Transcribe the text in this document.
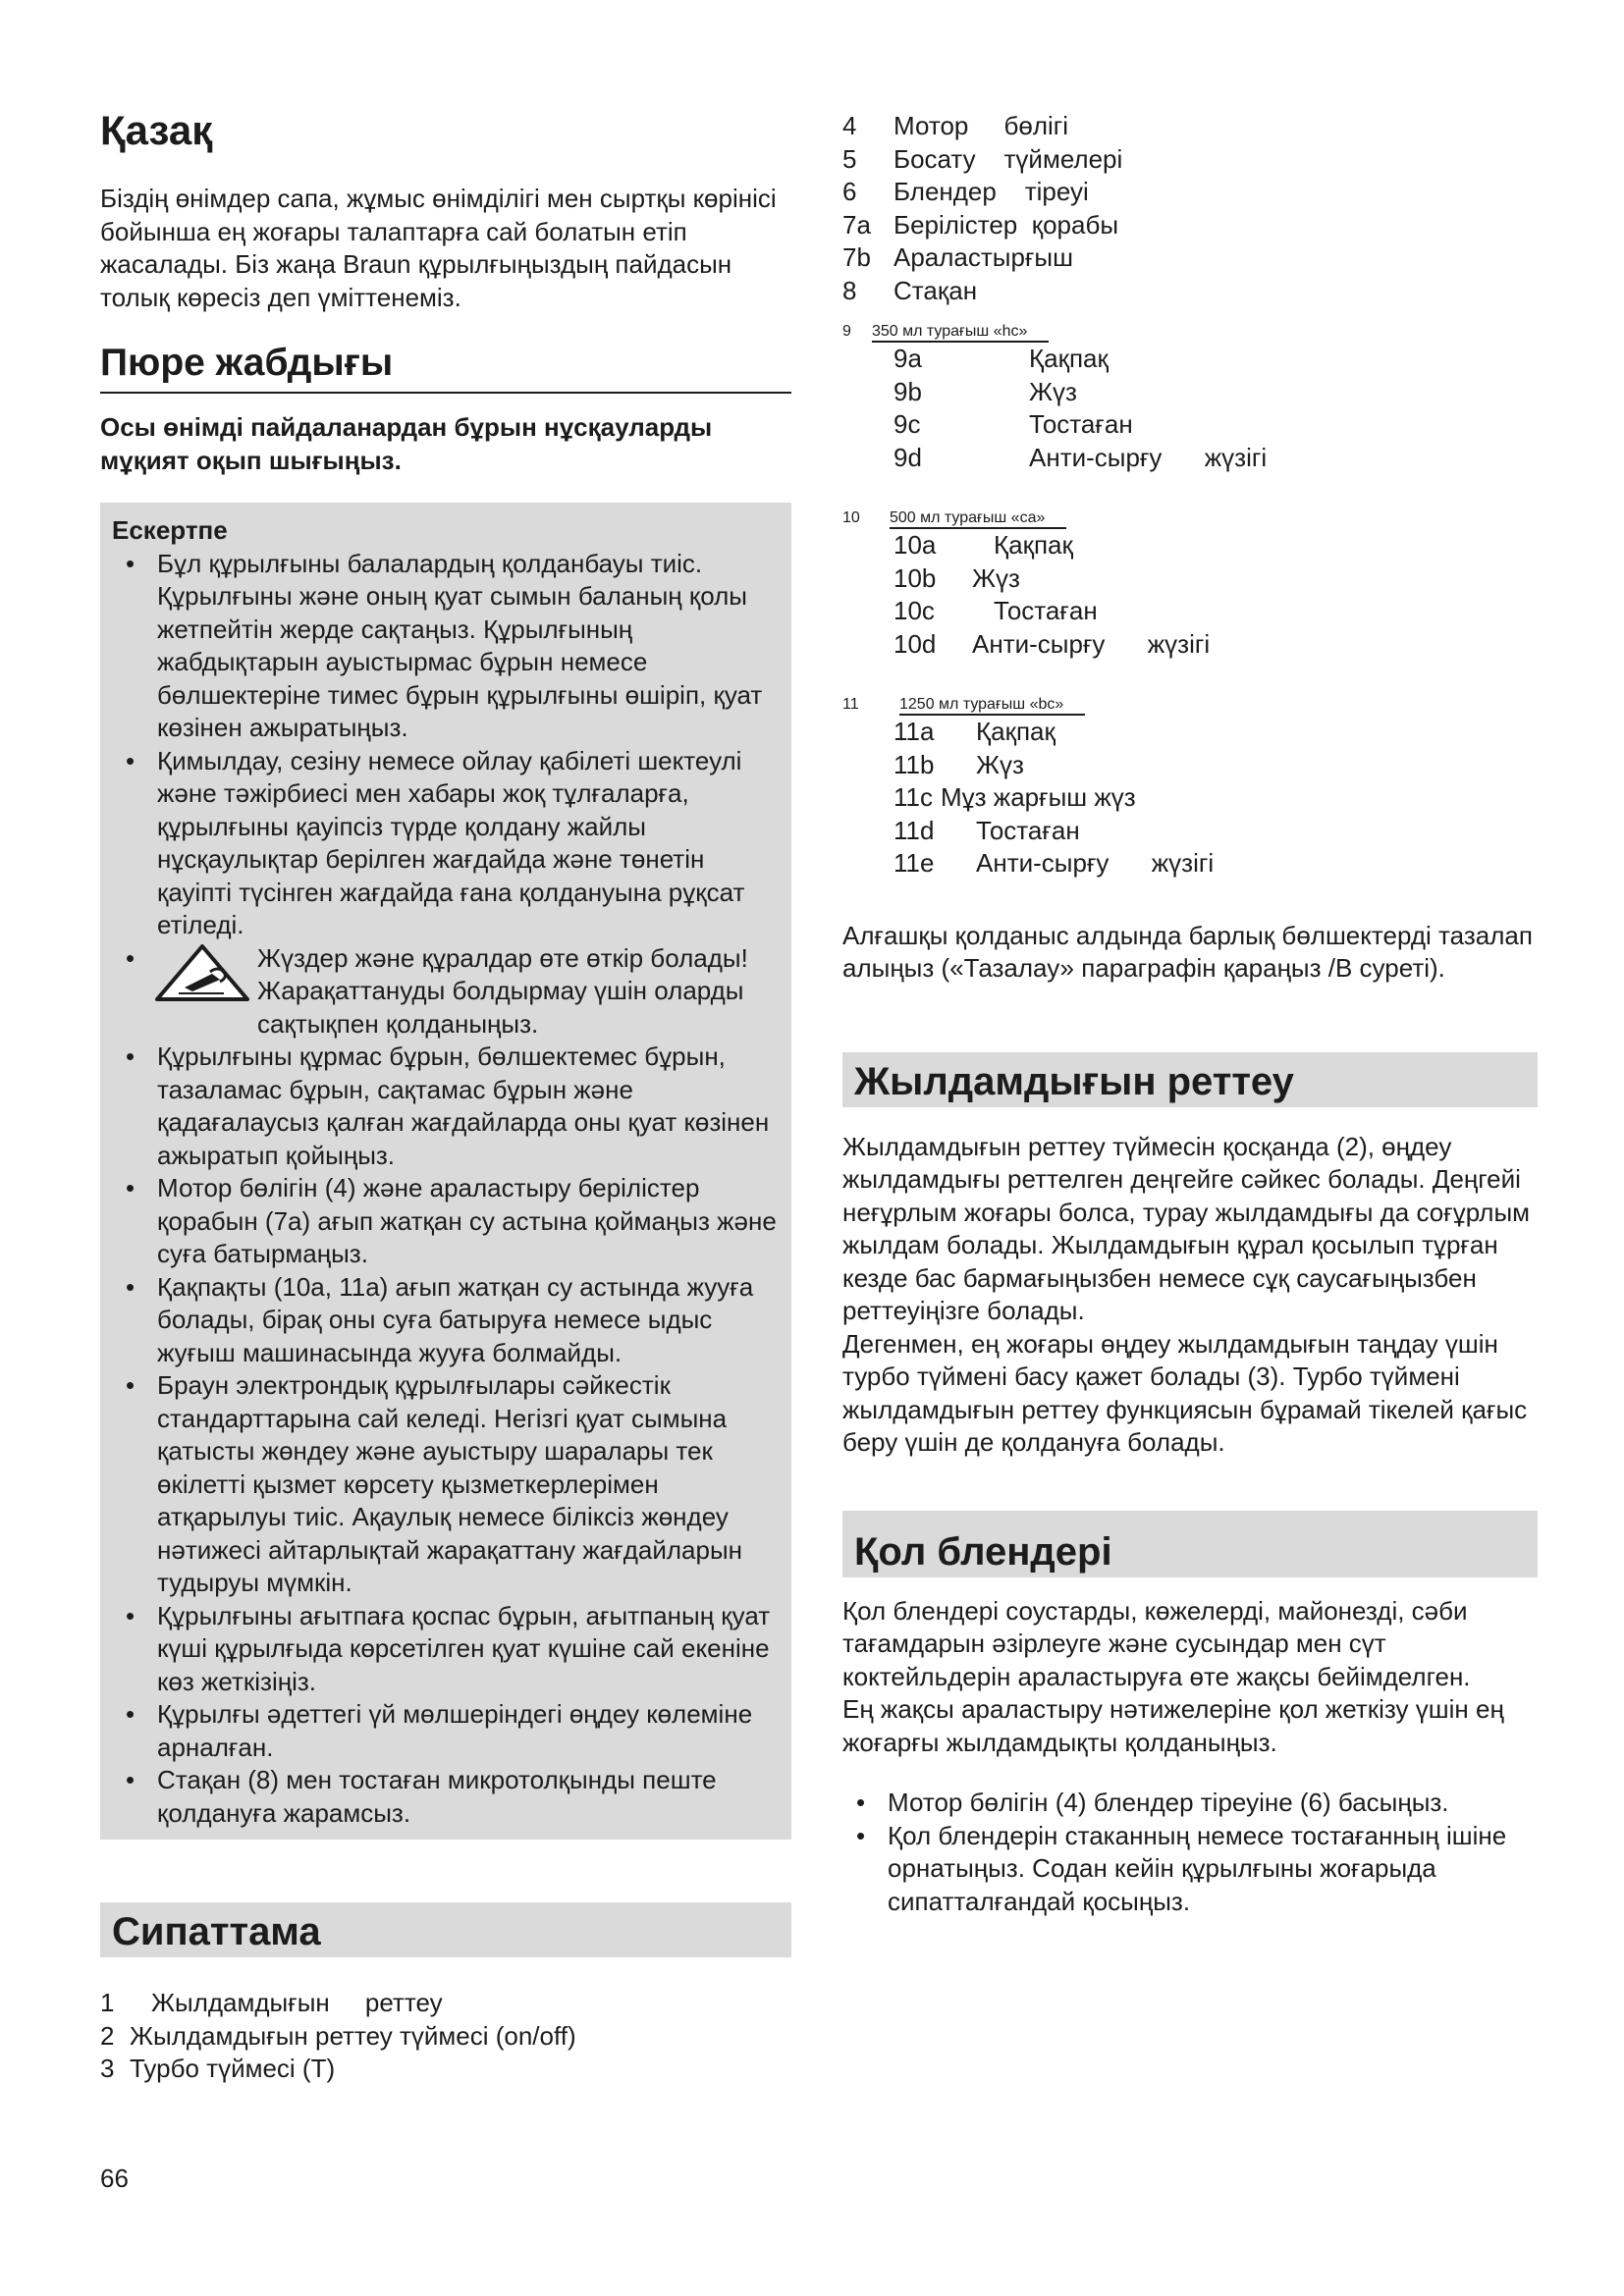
Қазақ

Біздің өнімдер сапа, жұмыс өнімділігі мен сыртқы көрінісі бойынша ең жоғары талаптарға сай болатын етіп жасалады. Біз жаңа Braun құрылғыңыздың пайдасын толық көресіз деп үміттенеміз.

Пюре жабдығы

Осы өнімді пайдаланардан бұрын нұсқауларды мұқият оқып шығыңыз.

Ескертпе

• Бұл құрылғыны балалардың қолданбауы тиіс. Құрылғыны және оның қуат сымын баланың қолы жетпейтін жерде сақтаңыз. Құрылғының жабдықтарын ауыстырмас бұрын немесе бөлшектеріне тимес бұрын құрылғыны өшіріп, қуат көзінен ажыратыңыз.
• Қимылдау, сезіну немесе ойлау қабілеті шектеулі және тәжірбиесі мен хабары жоқ тұлғаларға, құрылғыны қауіпсіз түрде қолдану жайлы нұсқаулықтар берілген жағдайда және төнетін қауіпті түсінген жағдайда ғана қолдануына рұқсат етіледі.
• Жүздер және құралдар өте өткір болады! Жарақаттануды болдырмау үшін оларды сақтықпен қолданыңыз.
• Құрылғыны құрмас бұрын, бөлшектемес бұрын, тазаламас бұрын, сақтамас бұрын және қадағалаусыз қалған жағдайларда оны қуат көзінен ажыратып қойыңыз.
• Мотор бөлігін (4) және араластыру берілістер қорабын (7а) ағып жатқан су астына қоймаңыз және суға батырмаңыз.
• Қақпақты (10a, 11a) ағып жатқан су астында жууға болады, бірақ оны суға батыруға немесе ыдыс жуғыш машинасында жууға болмайды.
• Браун электрондық құрылғылары сәйкестік стандарттарына сай келеді. Негізгі қуат сымына қатысты жөндеу және ауыстыру шаралары тек өкілетті қызмет көрсету қызметкерлерімен атқарылуы тиіс. Ақаулық немесе біліксіз жөндеу нәтижесі айтарлықтай жарақаттану жағдайларын тудыруы мүмкін.
• Құрылғыны ағытпаға қоспас бұрын, ағытпаның қуат күші құрылғыда көрсетілген қуат күшіне сай екеніне көз жеткізіңіз.
• Құрылғы әдеттегі үй мөлшеріндегі өңдеу көлеміне арналған.
• Стақан (8) мен тостаған микротолқынды пеште қолдануға жарамсыз.
Сипаттама
1	Жылдамдығын     реттеу
2 Жылдамдығын реттеу түймесі (on/off)
3 Турбо түймесі (T)
4	Мотор     бөлігі
5	Босату    түймелері
6	Блендер    тіреуі
7a Берілістер  қорабы
7b Араластырғыш
8	Стақан
9	350 мл турағыш «hc»
9a	Қақпақ
9b	Жүз
9c	Тостаған
9d	Анти-сырғу      жүзігі
10	500 мл турағыш «ca»
10a	Қақпақ
10b	Жүз
10c	Тостаған
10d	Анти-сырғу      жүзігі
11	1250 мл турағыш «bc»
11a	Қақпақ
11b	Жүз
11c Мұз жарғыш жүз
11d	Тостаған
11e	Анти-сырғу      жүзігі

Алғашқы қолданыс алдында барлық бөлшектерді тазалап алыңыз («Тазалау» параграфін қараңыз /B суреті).

Жылдамдығын реттеу

Жылдамдығын реттеу түймесін қосқанда (2), өңдеу жылдамдығы реттелген деңгейге сәйкес болады. Деңгейі неғұрлым жоғары болса, турау жылдамдығы да соғұрлым жылдам болады. Жылдамдығын құрал қосылып тұрған кезде бас бармағыңызбен немесе сұқ саусағыңызбен реттеуіңізге болады.

Дегенмен, ең жоғары өңдеу жылдамдығын таңдау үшін турбо түймені басу қажет болады (3). Турбо түймені жылдамдығын реттеу функциясын бұрамай тікелей қағыс беру үшін де қолдануға болады.

Қол блендері

Қол блендері соустарды, көжелерді, майонезді, сәби тағамдарын әзірлеуге және сусындар мен сүт коктейльдерін араластыруға өте жақсы бейімделген.

Ең жақсы араластыру нәтижелеріне қол жеткізу үшін ең жоғарғы жылдамдықты қолданыңыз.

• Мотор бөлігін (4) блендер тіреуіне (6) басыңыз.
• Қол блендерін стаканның немесе тостағанның ішіне орнатыңыз. Содан кейін құрылғыны жоғарыда сипатталғандай қосыңыз.
66
